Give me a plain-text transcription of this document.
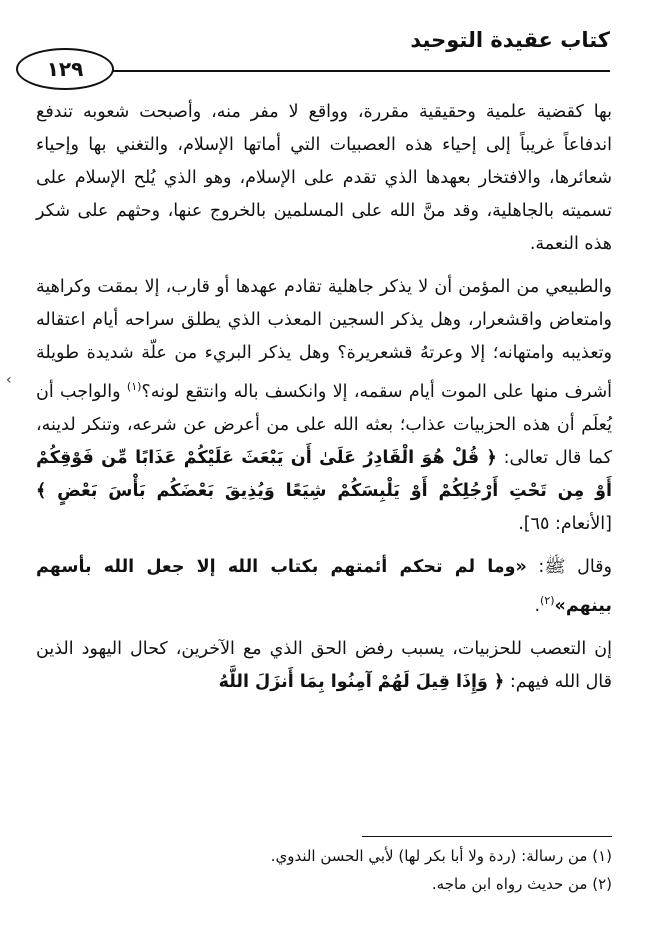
كتاب عقيدة التوحيد
١٢٩
‹

بها كقضية علمية وحقيقية مقررة، وواقع لا مفر منه، وأصبحت شعوبه تندفع اندفاعاً غريباً إلى إحياء هذه العصبيات التي أماتها الإسلام، والتغني بها وإحياء شعائرها، والافتخار بعهدها الذي تقدم على الإسلام، وهو الذي يُلح الإسلام على تسميته بالجاهلية، وقد منَّ الله على المسلمين بالخروج عنها، وحثهم على شكر هذه النعمة.

والطبيعي من المؤمن أن لا يذكر جاهلية تقادم عهدها أو قارب، إلا بمقت وكراهية وامتعاض واقشعرار، وهل يذكر السجين المعذب الذي يطلق سراحه أيام اعتقاله وتعذيبه وامتهانه؛ إلا وعرتهُ قشعريرة؟ وهل يذكر البريء من علّة شديدة طويلة أشرف منها على الموت أيام سقمه، إلا وانكسف باله وانتقع لونه؟$^{(١)}$ والواجب أن يُعلَم أن هذه الحزبيات عذاب؛ بعثه الله على من أعرض عن شرعه، وتنكر لدينه، كما قال تعالى: ﴿ قُلْ هُوَ الْقَادِرُ عَلَىٰ أَن يَبْعَثَ عَلَيْكُمْ عَذَابًا مِّن فَوْقِكُمْ أَوْ مِن تَحْتِ أَرْجُلِكُمْ أَوْ يَلْبِسَكُمْ شِيَعًا وَيُذِيقَ بَعْضَكُم بَأْسَ بَعْضٍ ﴾ [الأنعام: ٦٥].

وقال ﷺ: «وما لم تحكم أئمتهم بكتاب الله إلا جعل الله بأسهم بينهم»$^{(٢)}$.

إن التعصب للحزبيات، يسبب رفض الحق الذي مع الآخرين، كحال اليهود الذين قال الله فيهم: ﴿ وَإِذَا قِيلَ لَهُمْ آمِنُوا بِمَا أَنزَلَ اللَّهُ

(١) من رسالة: (ردة ولا أبا بكر لها) لأبي الحسن الندوي.
(٢) من حديث رواه ابن ماجه.
